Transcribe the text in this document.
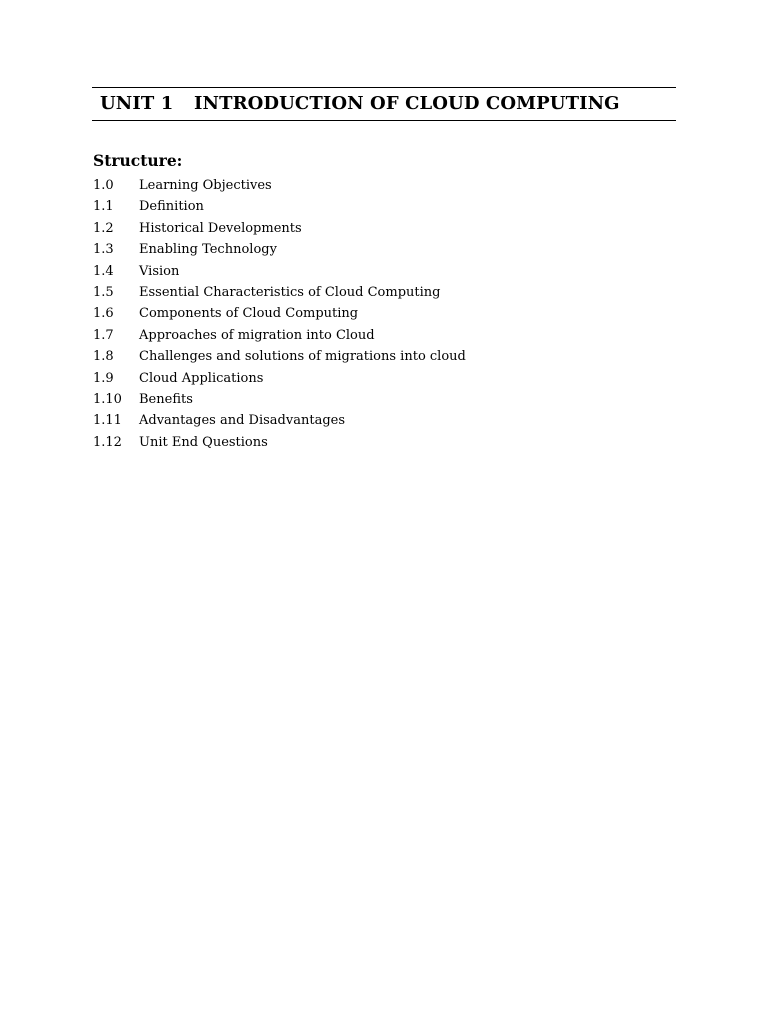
UNIT 1	INTRODUCTION OF CLOUD COMPUTING
Structure:
1.0	Learning Objectives
1.1	Definition
1.2	Historical Developments
1.3	Enabling Technology
1.4	Vision
1.5	Essential Characteristics of Cloud Computing
1.6	Components of Cloud Computing
1.7	Approaches of migration into Cloud
1.8	Challenges and solutions of migrations into cloud
1.9	Cloud Applications
1.10	Benefits
1.11	Advantages and Disadvantages
1.12	Unit End Questions
